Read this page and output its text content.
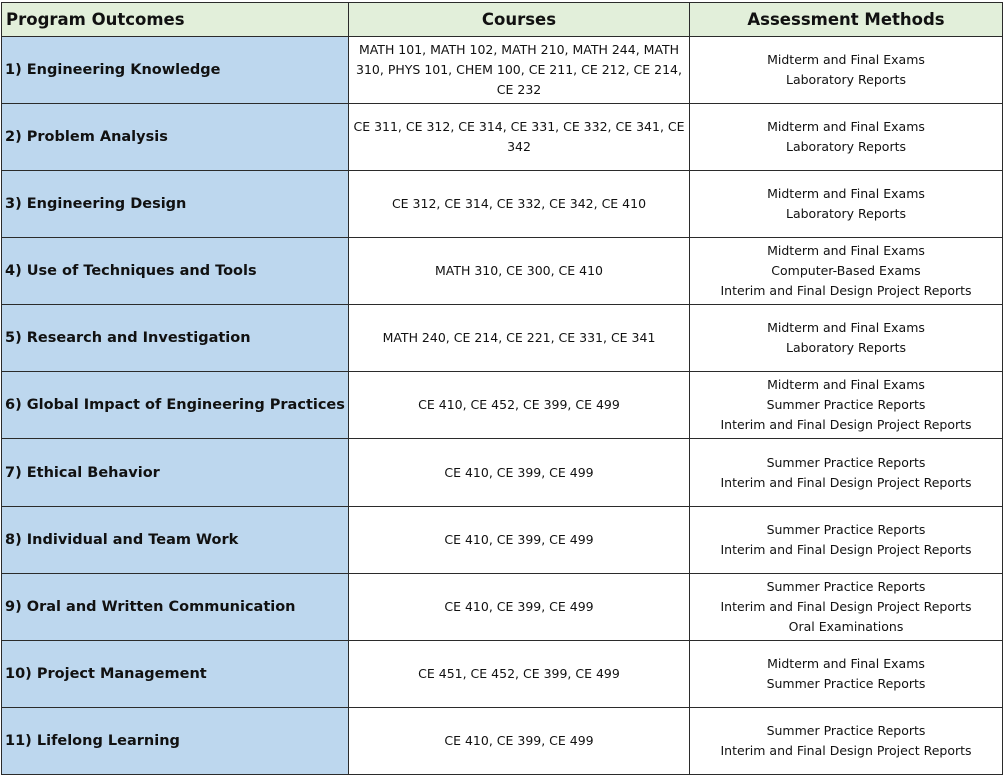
Program Outcomes	Courses	Assessment Methods
1) Engineering Knowledge	MATH 101, MATH 102, MATH 210, MATH 244, MATH 310, PHYS 101, CHEM 100, CE 211, CE 212, CE 214, CE 232	Midterm and Final Exams
Laboratory Reports

2) Problem Analysis	CE 311, CE 312, CE 314, CE 331, CE 332, CE 341, CE 342	Midterm and Final Exams
Laboratory Reports

3) Engineering Design	CE 312, CE 314, CE 332, CE 342, CE 410	Midterm and Final Exams
Laboratory Reports

4) Use of Techniques and Tools	MATH 310, CE 300, CE 410	Midterm and Final Exams
Computer-Based Exams
Interim and Final Design Project Reports

5) Research and Investigation	MATH 240, CE 214, CE 221, CE 331, CE 341	Midterm and Final Exams
Laboratory Reports

6) Global Impact of Engineering Practices	CE 410, CE 452, CE 399, CE 499	Midterm and Final Exams
Summer Practice Reports
Interim and Final Design Project Reports

7) Ethical Behavior	CE 410, CE 399, CE 499	Summer Practice Reports
Interim and Final Design Project Reports

8) Individual and Team Work	CE 410, CE 399, CE 499	Summer Practice Reports
Interim and Final Design Project Reports

9) Oral and Written Communication	CE 410, CE 399, CE 499	Summer Practice Reports
Interim and Final Design Project Reports
Oral Examinations

10) Project Management	CE 451, CE 452, CE 399, CE 499	Midterm and Final Exams
Summer Practice Reports

11) Lifelong Learning	CE 410, CE 399, CE 499	Summer Practice Reports
Interim and Final Design Project Reports
